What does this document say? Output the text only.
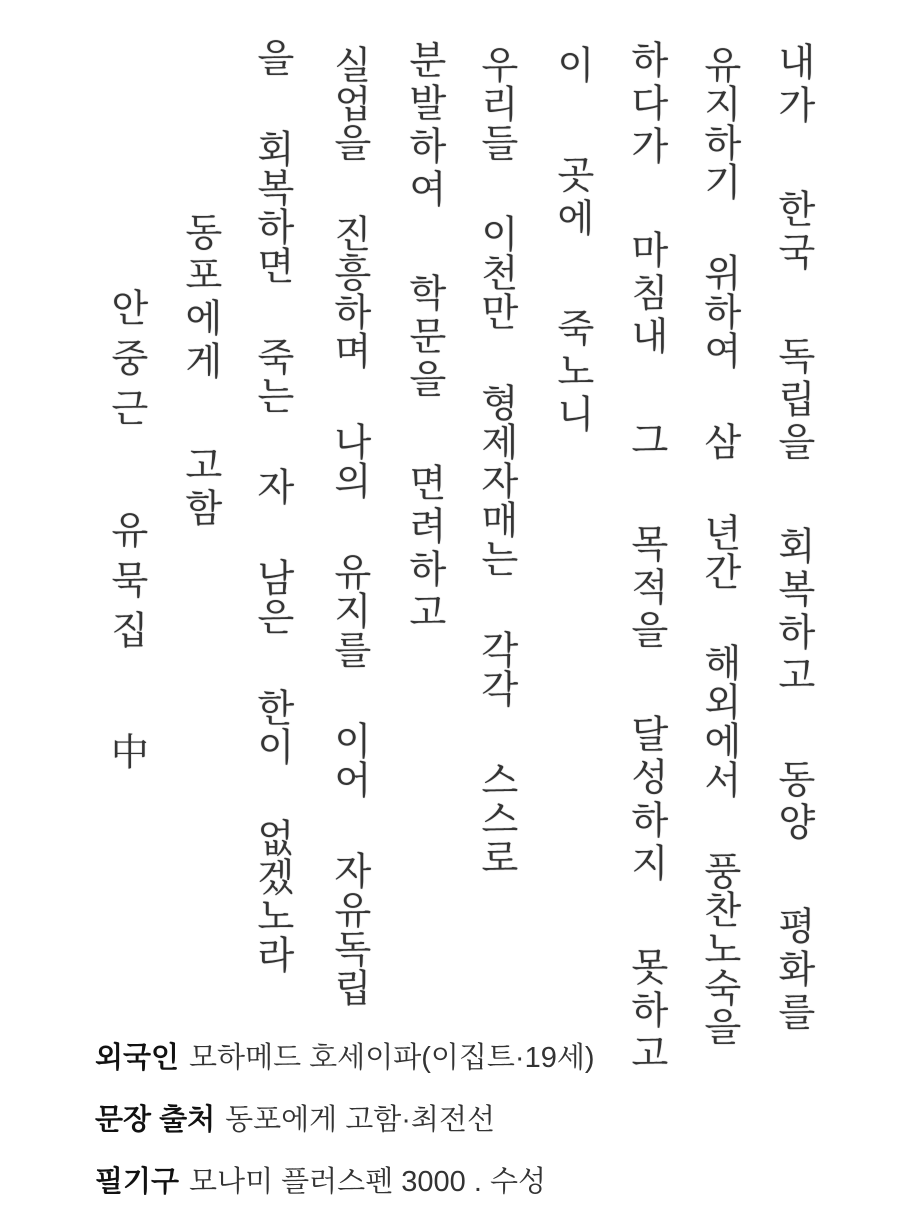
내가 한국 독립을 회복하고 동양 평화를
유지하기 위하여 삼 년간 해외에서 풍찬노숙을
하다가 마침내 그 목적을 달성하지 못하고
이 곳에 죽노니
우리들 이천만 형제자매는 각각 스스로
분발하여 학문을 면려하고
실업을 진흥하며 나의 유지를 이어 자유독립
을 회복하면 죽는 자 남은 한이 없겠노라
동포에게 고함
안중근 유묵집 中
외국인 모하메드 호세이파(이집트·19세)
문장 출처 동포에게 고함·최전선
필기구 모나미 플러스펜 3000 . 수성
